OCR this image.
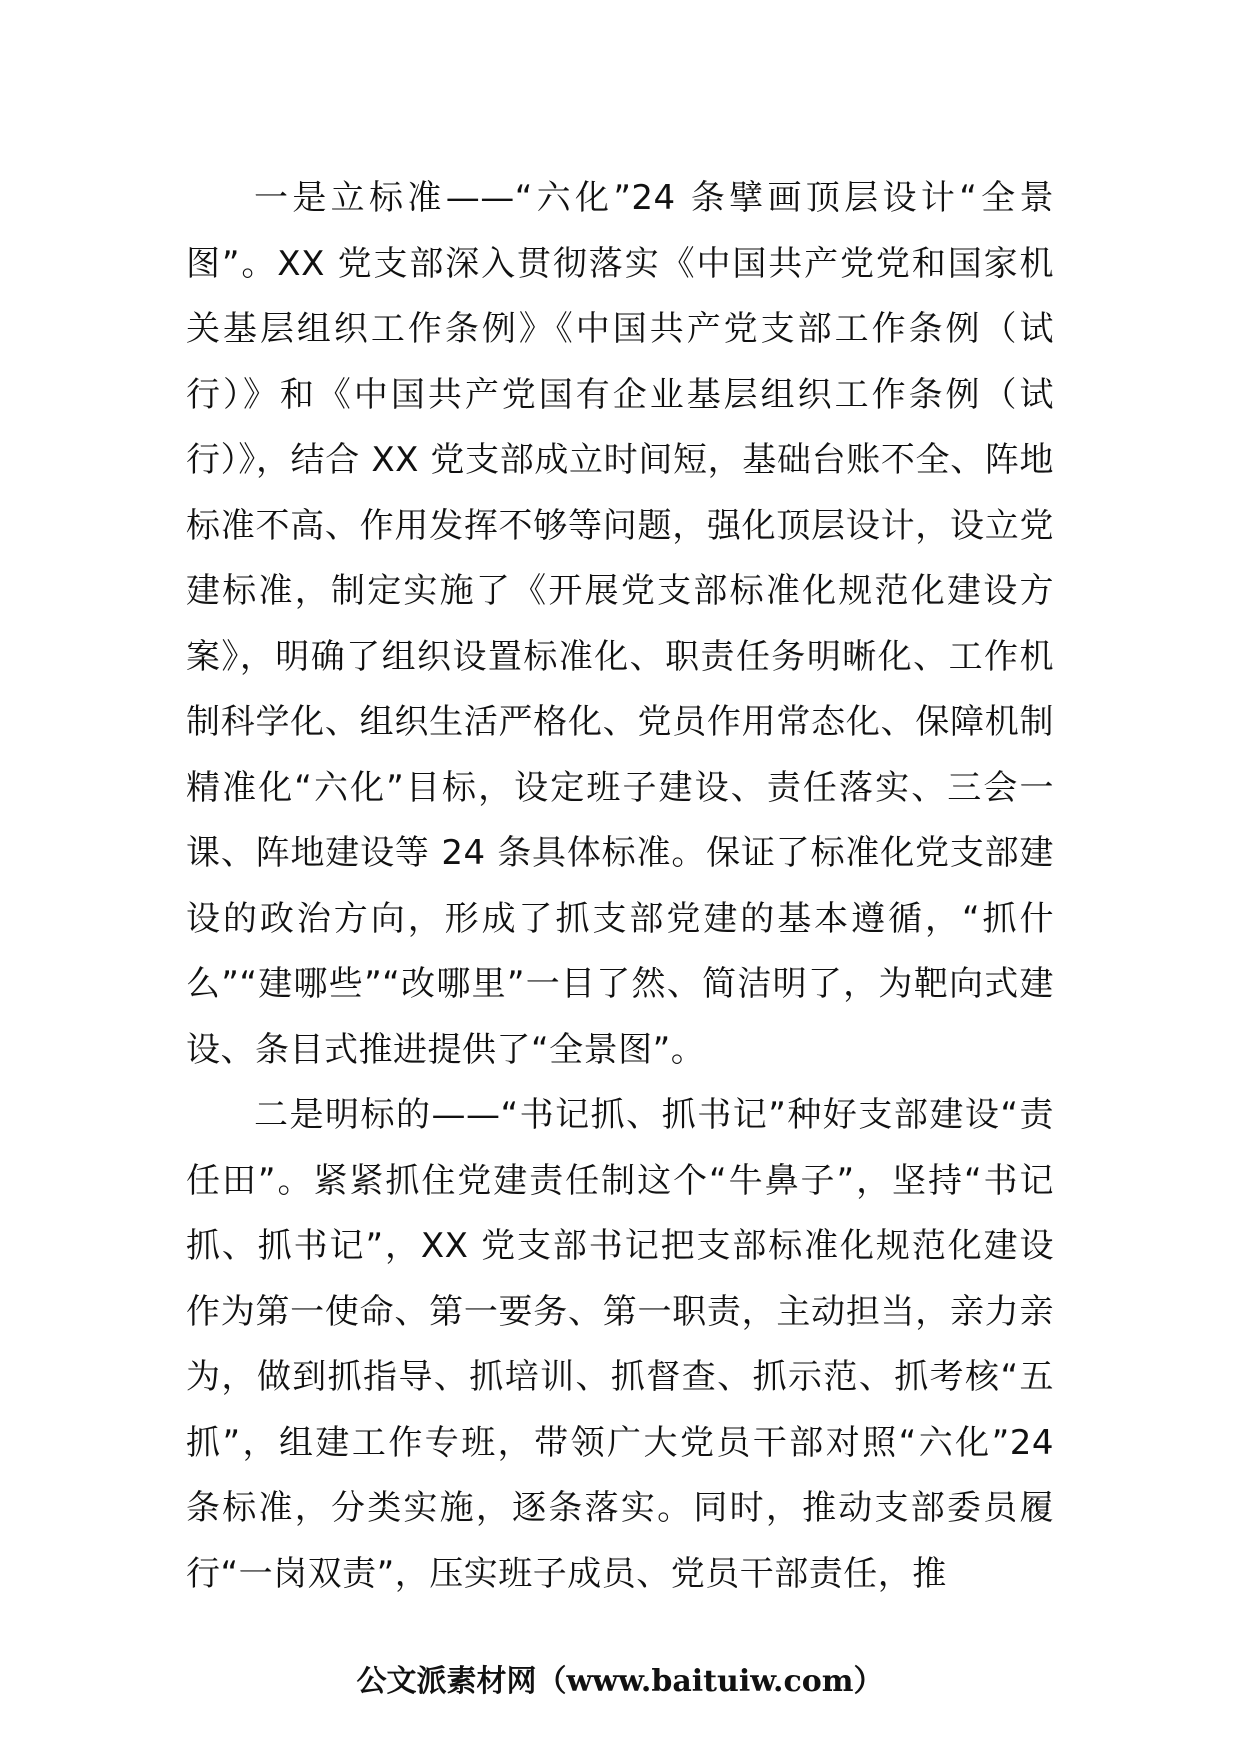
一是立标准——“六化”24 条擘画顶层设计“全景图”。XX 党支部深入贯彻落实《中国共产党党和国家机关基层组织工作条例》《中国共产党支部工作条例（试行）》和《中国共产党国有企业基层组织工作条例（试行）》，结合 XX 党支部成立时间短，基础台账不全、阵地标准不高、作用发挥不够等问题，强化顶层设计，设立党建标准，制定实施了《开展党支部标准化规范化建设方案》，明确了组织设置标准化、职责任务明晰化、工作机制科学化、组织生活严格化、党员作用常态化、保障机制精准化“六化”目标，设定班子建设、责任落实、三会一课、阵地建设等 24 条具体标准。保证了标准化党支部建设的政治方向，形成了抓支部党建的基本遵循，“抓什么”“建哪些”“改哪里”一目了然、简洁明了，为靶向式建设、条目式推进提供了“全景图”。

二是明标的——“书记抓、抓书记”种好支部建设“责任田”。紧紧抓住党建责任制这个“牛鼻子”，坚持“书记抓、抓书记”，XX 党支部书记把支部标准化规范化建设作为第一使命、第一要务、第一职责，主动担当，亲力亲为，做到抓指导、抓培训、抓督查、抓示范、抓考核“五抓”，组建工作专班，带领广大党员干部对照“六化”24 条标准，分类实施，逐条落实。同时，推动支部委员履行“一岗双责”，压实班子成员、党员干部责任，推

公文派素材网（www.baituiw.com）
